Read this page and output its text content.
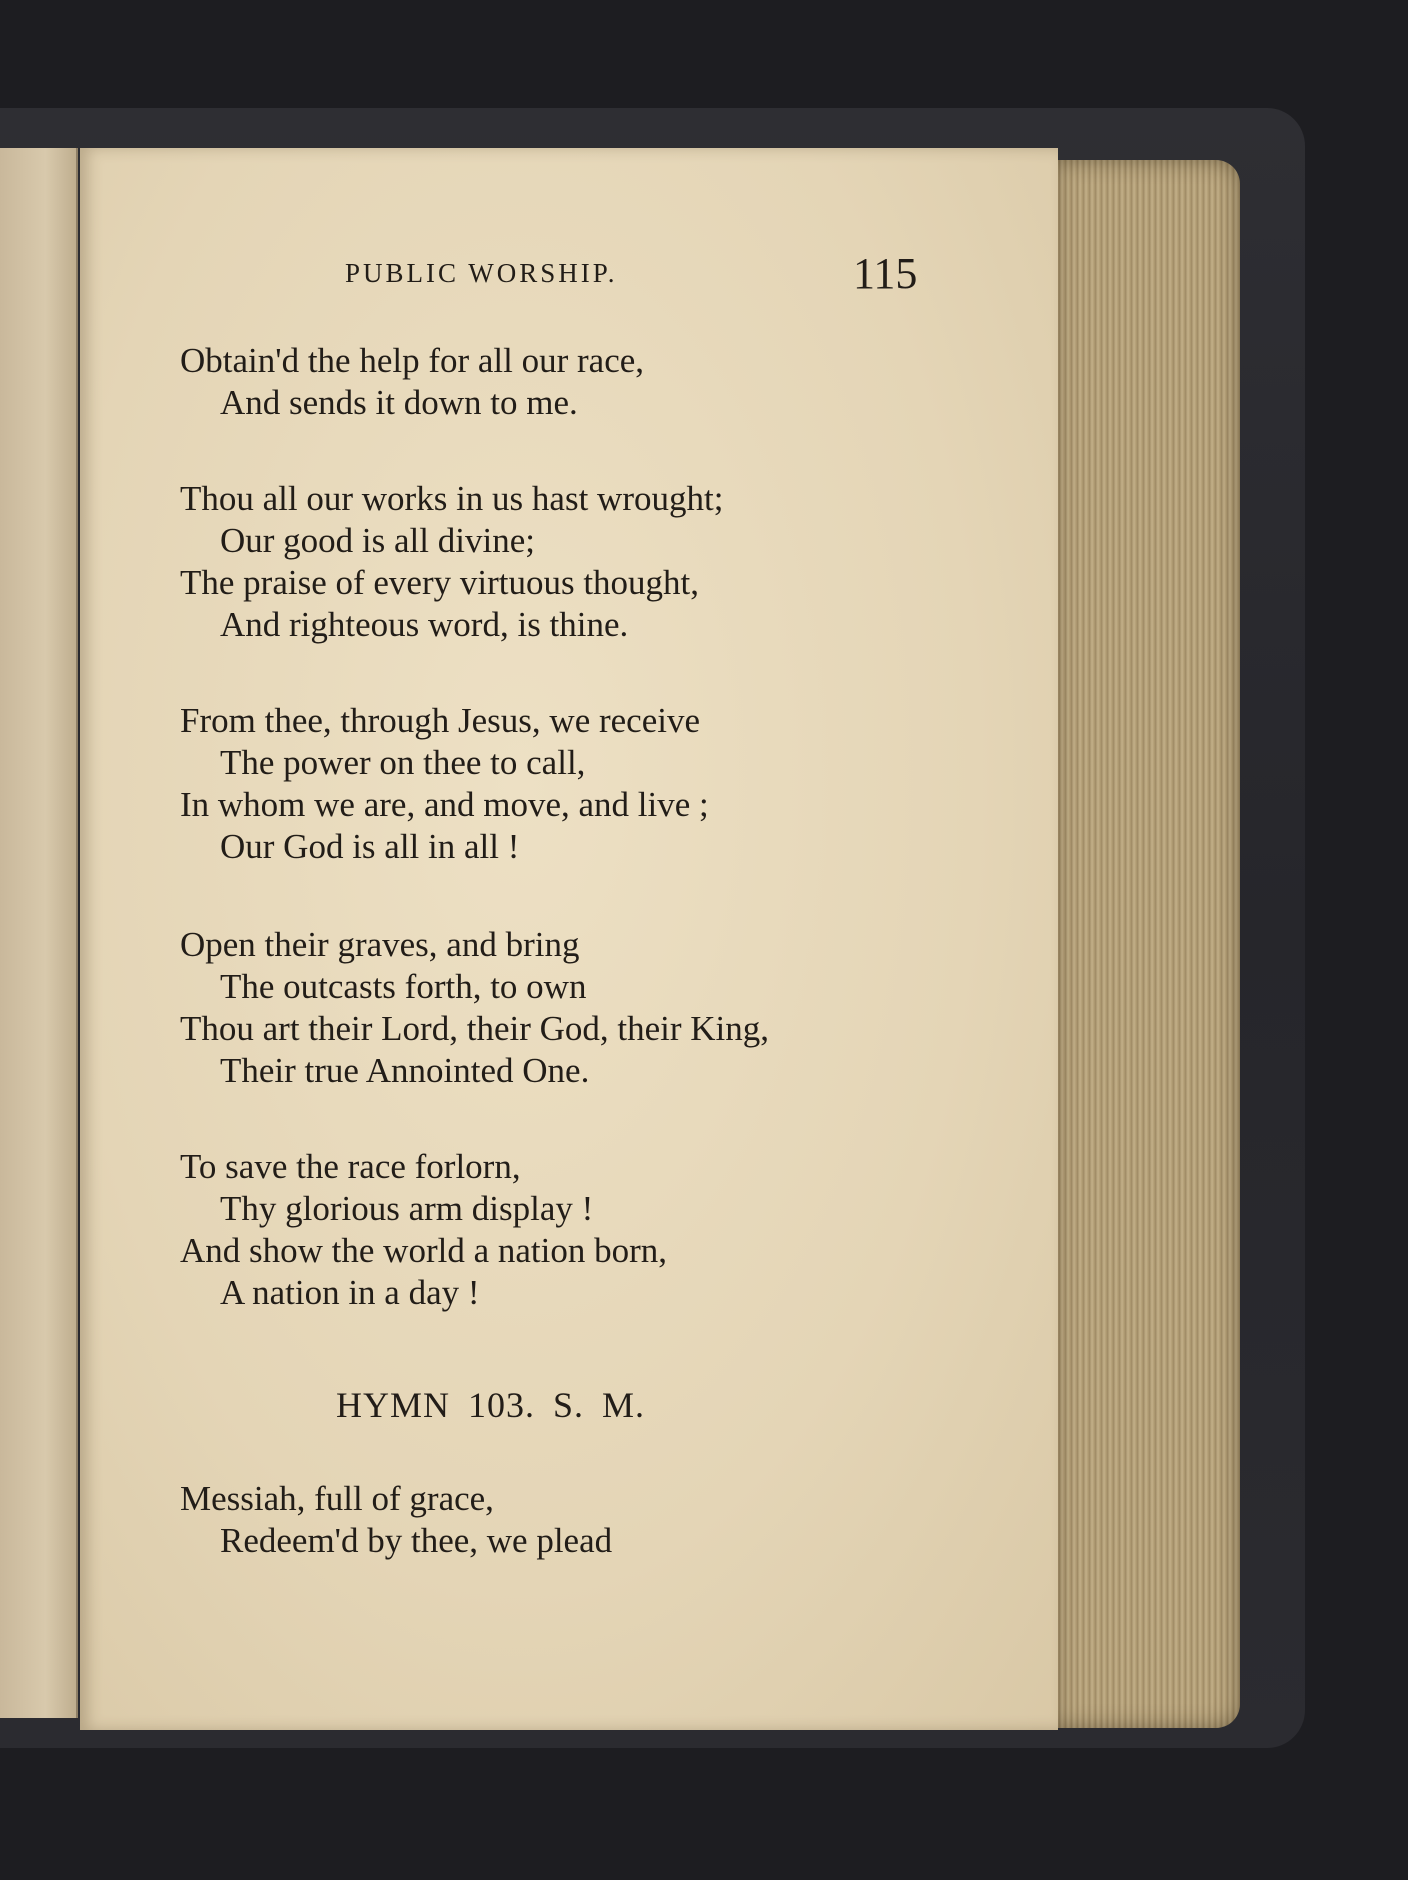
PUBLIC WORSHIP.	115
Obtain'd the help for all our race,
And sends it down to me.
Thou all our works in us hast wrought;
Our good is all divine;
The praise of every virtuous thought,
And righteous word, is thine.
From thee, through Jesus, we receive
The power on thee to call,
In whom we are, and move, and live ;
Our God is all in all !
Open their graves, and bring
The outcasts forth, to own
Thou art their Lord, their God, their King,
Their true Annointed One.
To save the race forlorn,
Thy glorious arm display !
And show the world a nation born,
A nation in a day !
HYMN 103. S. M.
Messiah, full of grace,
Redeem'd by thee, we plead
